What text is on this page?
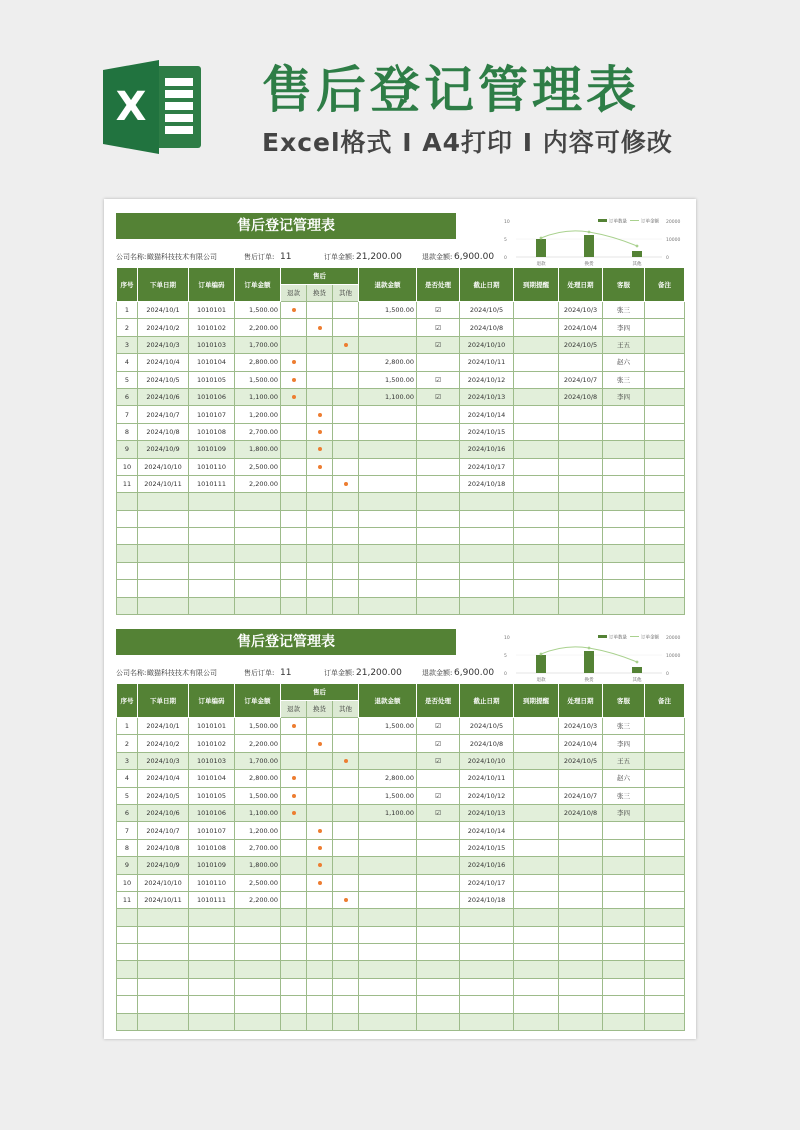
X 售后登记管理表
Excel格式 I A4打印 I 内容可修改
售后登记管理表	订单数量	订单金额
10
5
0
20000
10000
0
退款	换货	其他
公司名称: 瞰猫科技技术有限公司	售后订单: 11	订单金额: 21,200.00	退款金额: 6,900.00
序号	下单日期	订单编码	订单金额	售后			退款金额	是否处理	截止日期	到期提醒	处理日期	客服	备注
				退款	换货	其他							
1	2024/10/1	1010101	1,500.00				1,500.00	☑	2024/10/5		2024/10/3	张三	
2	2024/10/2	1010102	2,200.00					☑	2024/10/8		2024/10/4	李四	
3	2024/10/3	1010103	1,700.00					☑	2024/10/10		2024/10/5	王五	
4	2024/10/4	1010104	2,800.00				2,800.00		2024/10/11			赵六	
5	2024/10/5	1010105	1,500.00				1,500.00	☑	2024/10/12		2024/10/7	张三	
6	2024/10/6	1010106	1,100.00				1,100.00	☑	2024/10/13		2024/10/8	李四	
7	2024/10/7	1010107	1,200.00						2024/10/14				
8	2024/10/8	1010108	2,700.00						2024/10/15				
9	2024/10/9	1010109	1,800.00						2024/10/16				
10	2024/10/10	1010110	2,500.00						2024/10/17				
11	2024/10/11	1010111	2,200.00						2024/10/18				

售后登记管理表	订单数量	订单金额
10
5
0
20000
10000
0
退款	换货	其他
公司名称: 瞰猫科技技术有限公司	售后订单: 11	订单金额: 21,200.00	退款金额: 6,900.00
序号	下单日期	订单编码	订单金额	售后			退款金额	是否处理	截止日期	到期提醒	处理日期	客服	备注
				退款	换货	其他							
1	2024/10/1	1010101	1,500.00				1,500.00	☑	2024/10/5		2024/10/3	张三	
2	2024/10/2	1010102	2,200.00					☑	2024/10/8		2024/10/4	李四	
3	2024/10/3	1010103	1,700.00					☑	2024/10/10		2024/10/5	王五	
4	2024/10/4	1010104	2,800.00				2,800.00		2024/10/11			赵六	
5	2024/10/5	1010105	1,500.00				1,500.00	☑	2024/10/12		2024/10/7	张三	
6	2024/10/6	1010106	1,100.00				1,100.00	☑	2024/10/13		2024/10/8	李四	
7	2024/10/7	1010107	1,200.00						2024/10/14				
8	2024/10/8	1010108	2,700.00						2024/10/15				
9	2024/10/9	1010109	1,800.00						2024/10/16				
10	2024/10/10	1010110	2,500.00						2024/10/17				
11	2024/10/11	1010111	2,200.00						2024/10/18				
